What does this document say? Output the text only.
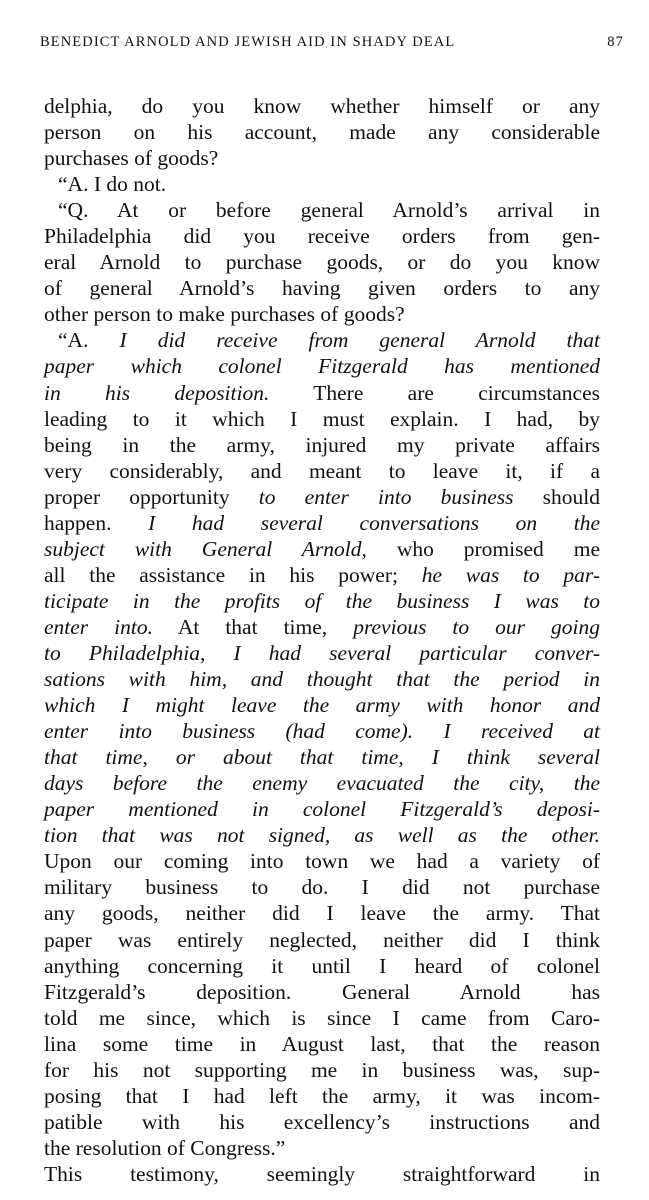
BENEDICT ARNOLD AND JEWISH AID IN SHADY DEAL	87
delphia, do you know whether himself or any
person on his account, made any considerable
purchases of goods?
“A. I do not.
“Q. At or before general Arnold’s arrival in
Philadelphia did you receive orders from gen-
eral Arnold to purchase goods, or do you know
of general Arnold’s having given orders to any
other person to make purchases of goods?
“A. I did receive from general Arnold that
paper which colonel Fitzgerald has mentioned
in his deposition. There are circumstances
leading to it which I must explain. I had, by
being in the army, injured my private affairs
very considerably, and meant to leave it, if a
proper opportunity to enter into business should
happen. I had several conversations on the
subject with General Arnold, who promised me
all the assistance in his power; he was to par-
ticipate in the profits of the business I was to
enter into. At that time, previous to our going
to Philadelphia, I had several particular conver-
sations with him, and thought that the period in
which I might leave the army with honor and
enter into business (had come). I received at
that time, or about that time, I think several
days before the enemy evacuated the city, the
paper mentioned in colonel Fitzgerald’s deposi-
tion that was not signed, as well as the other.
Upon our coming into town we had a variety of
military business to do. I did not purchase
any goods, neither did I leave the army. That
paper was entirely neglected, neither did I think
anything concerning it until I heard of colonel
Fitzgerald’s deposition. General Arnold has
told me since, which is since I came from Caro-
lina some time in August last, that the reason
for his not supporting me in business was, sup-
posing that I had left the army, it was incom-
patible with his excellency’s instructions and
the resolution of Congress.”
This testimony, seemingly straightforward in
